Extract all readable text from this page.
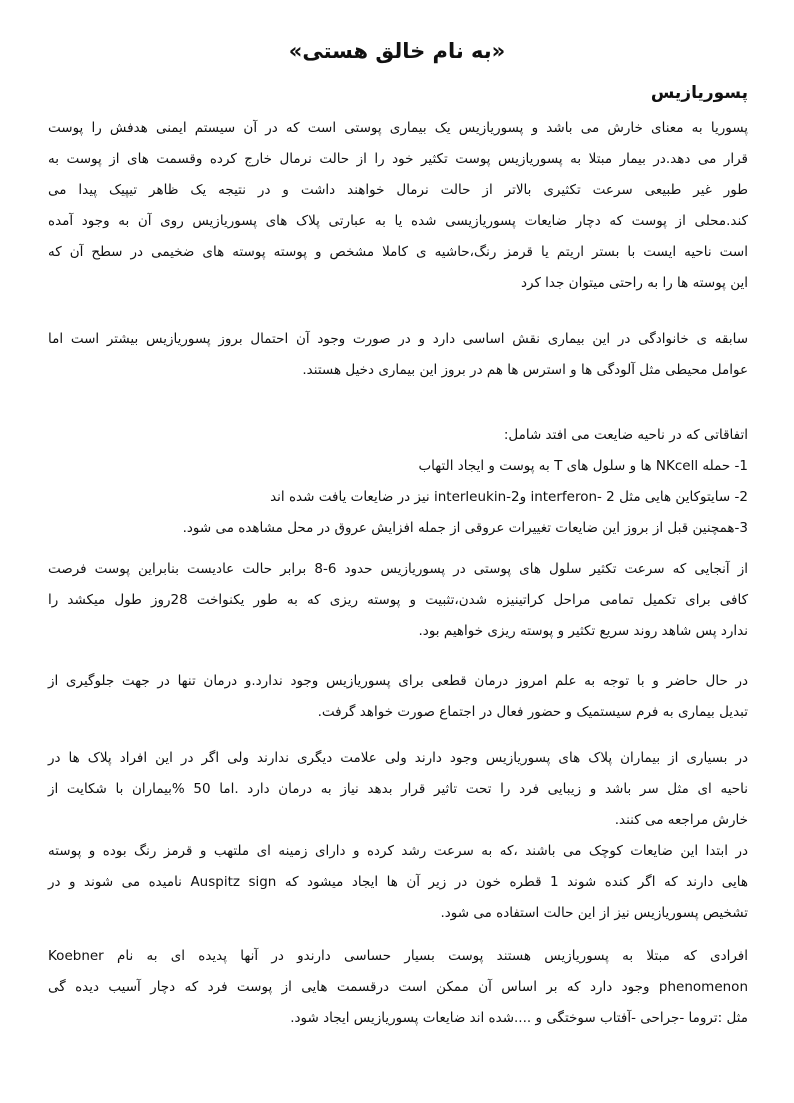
«به نام خالق هستی»
پسوریازیس
پسوریا به معنای خارش می باشد و پسوریازیس یک بیماری پوستی است که در آن سیستم ایمنی هدفش را پوست
قرار می دهد.در بیمار مبتلا به پسوریازیس پوست تکثیر خود را از حالت نرمال خارج کرده وقسمت های از پوست به
طور غیر طبیعی سرعت تکثیری بالاتر از حالت نرمال خواهند داشت و در نتیجه یک ظاهر تیپیک پیدا می
کند.محلی از پوست که دچار ضایعات پسوریازیسی شده یا به عبارتی پلاک های پسوریازیس روی آن به وجود آمده
است ناحیه ایست با بستر اریتم یا قرمز رنگ،حاشیه ی کاملا مشخص و پوسته پوسته های ضخیمی در سطح آن که
این پوسته ها را به راحتی میتوان جدا کرد
سابقه ی خانوادگی در این بیماری نقش اساسی دارد و در صورت وجود آن احتمال بروز پسوریازیس بیشتر است اما
عوامل محیطی مثل آلودگی ها و استرس ها هم در بروز این بیماری دخیل هستند.
اتفاقاتی که در ناحیه ضایعت می افتد شامل:
1- حمله NKcell ها و سلول های T به پوست و ایجاد التهاب
2- سایتوکاین هایی مثل interferon- 2 وinterleukin-2 نیز در ضایعات یافت شده اند
3-همچنین قبل از بروز این ضایعات تغییرات عروقی از جمله افزایش عروق در محل مشاهده می شود.
از آنجایی که سرعت تکثیر سلول های پوستی در پسوریازیس حدود 6-8 برابر حالت عادیست بنابراین پوست فرصت
کافی برای تکمیل تمامی مراحل کراتینیزه شدن،تثبیت و پوسته ریزی که به طور یکنواخت 28روز طول میکشد را
ندارد پس شاهد روند سریع تکثیر و پوسته ریزی خواهیم بود.
در حال حاضر و با توجه به علم امروز درمان قطعی برای پسوریازیس وجود ندارد.و درمان تنها در جهت جلوگیری از
تبدیل بیماری به فرم سیستمیک و حضور فعال در اجتماع صورت خواهد گرفت.
در بسیاری از بیماران پلاک های پسوریازیس وجود دارند ولی علامت دیگری ندارند ولی اگر در این افراد پلاک ها در
ناحیه ای مثل سر باشد و زیبایی فرد را تحت تاثیر قرار بدهد نیاز به درمان دارد .اما 50 %بیماران با شکایت از
خارش مراجعه می کنند.
در ابتدا این ضایعات کوچک می باشند ،که به سرعت رشد کرده و دارای زمینه ای ملتهب و قرمز رنگ بوده و پوسته
هایی دارند که اگر کنده شوند 1 قطره خون در زیر آن ها ایجاد میشود که Auspitz sign نامیده می شوند و در
تشخیص پسوریازیس نیز از این حالت استفاده می شود.
افرادی که مبتلا به پسوریازیس هستند پوست بسیار حساسی دارندو در آنها پدیده ای به نام Koebner
phenomenon وجود دارد که بر اساس آن ممکن است درقسمت هایی از پوست فرد که دچار آسیب دیده گی
مثل :تروما -جراحی -آفتاب سوختگی و ....شده اند ضایعات پسوریازیس ایجاد شود.
